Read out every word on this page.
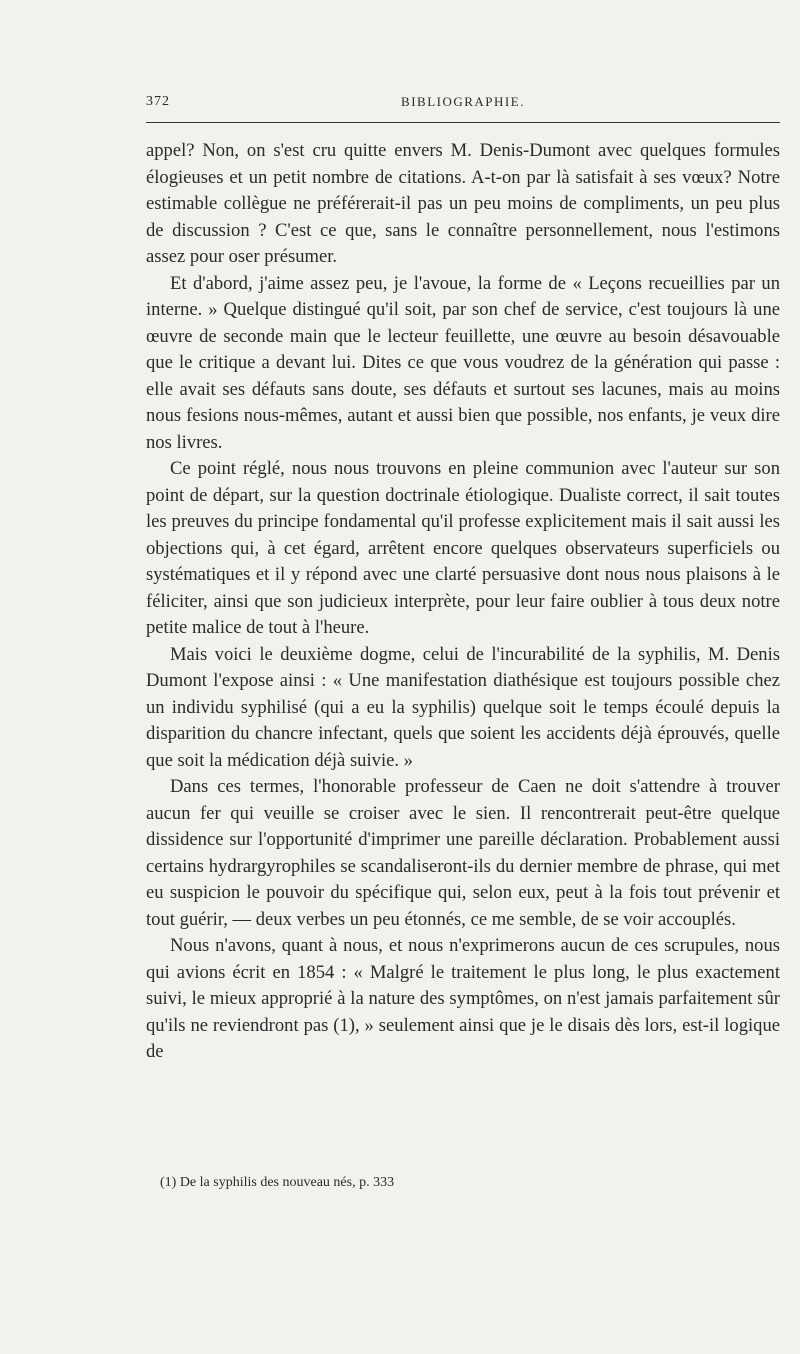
372	BIBLIOGRAPHIE.

appel? Non, on s'est cru quitte envers M. Denis-Dumont avec quelques formules élogieuses et un petit nombre de citations. A-t-on par là satisfait à ses vœux? Notre estimable collègue ne préférerait-il pas un peu moins de compliments, un peu plus de discussion ? C'est ce que, sans le connaître personnellement, nous l'estimons assez pour oser présumer.

Et d'abord, j'aime assez peu, je l'avoue, la forme de « Leçons recueillies par un interne. » Quelque distingué qu'il soit, par son chef de service, c'est toujours là une œuvre de seconde main que le lecteur feuillette, une œuvre au besoin désavouable que le critique a devant lui. Dites ce que vous voudrez de la génération qui passe : elle avait ses défauts sans doute, ses défauts et surtout ses lacunes, mais au moins nous fesions nous-mêmes, autant et aussi bien que possible, nos enfants, je veux dire nos livres.

Ce point réglé, nous nous trouvons en pleine communion avec l'auteur sur son point de départ, sur la question doctrinale étiologique. Dualiste correct, il sait toutes les preuves du principe fondamental qu'il professe explicitement mais il sait aussi les objections qui, à cet égard, arrêtent encore quelques observateurs superficiels ou systématiques et il y répond avec une clarté persuasive dont nous nous plaisons à le féliciter, ainsi que son judicieux interprète, pour leur faire oublier à tous deux notre petite malice de tout à l'heure.

Mais voici le deuxième dogme, celui de l'incurabilité de la syphilis, M. Denis Dumont l'expose ainsi : « Une manifestation diathésique est toujours possible chez un individu syphilisé (qui a eu la syphilis) quelque soit le temps écoulé depuis la disparition du chancre infectant, quels que soient les accidents déjà éprouvés, quelle que soit la médication déjà suivie. »

Dans ces termes, l'honorable professeur de Caen ne doit s'attendre à trouver aucun fer qui veuille se croiser avec le sien. Il rencontrerait peut-être quelque dissidence sur l'opportunité d'imprimer une pareille déclaration. Probablement aussi certains hydrargyrophiles se scandaliseront-ils du dernier membre de phrase, qui met eu suspicion le pouvoir du spécifique qui, selon eux, peut à la fois tout prévenir et tout guérir, — deux verbes un peu étonnés, ce me semble, de se voir accouplés.

Nous n'avons, quant à nous, et nous n'exprimerons aucun de ces scrupules, nous qui avions écrit en 1854 : « Malgré le traitement le plus long, le plus exactement suivi, le mieux approprié à la nature des symptômes, on n'est jamais parfaitement sûr qu'ils ne reviendront pas (1), » seulement ainsi que je le disais dès lors, est-il logique de

(1) De la syphilis des nouveau nés, p. 333
